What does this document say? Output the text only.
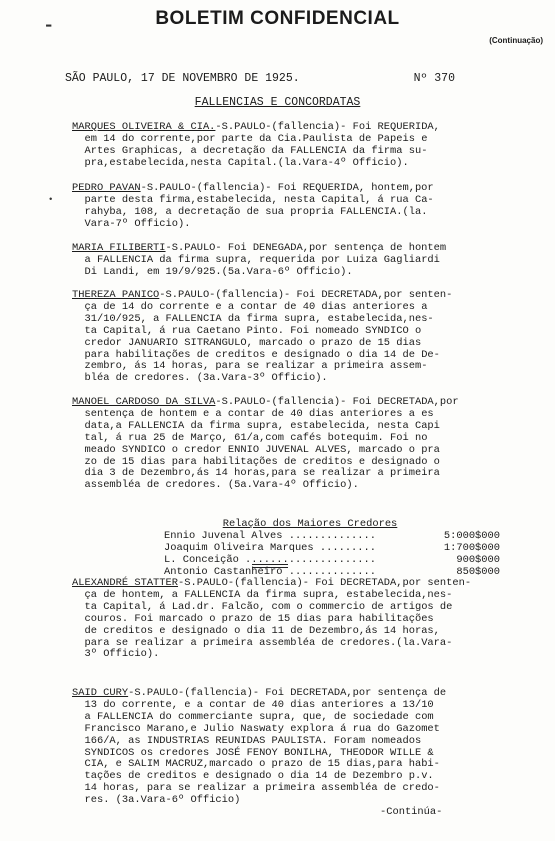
BOLETIM CONFIDENCIAL
(Continuação)
SÃO PAULO, 17 DE NOVEMBRO DE 1925.	Nº 370
FALLENCIAS E CONCORDATAS
▬
•

MARQUES OLIVEIRA & CIA.-S.PAULO-(fallencia)- Foi REQUERIDA,

em 14 do corrente,por parte da Cia.Paulista de Papeis e

Artes Graphicas, a decretação da FALLENCIA da firma su-

pra,estabelecida,nesta Capital.(la.Vara-4º Officio).

PEDRO PAVAN-S.PAULO-(fallencia)- Foi REQUERIDA, hontem,por

parte desta firma,estabelecida, nesta Capital, á rua Ca-

rahyba, 108, a decretação de sua propria FALLENCIA.(la.

Vara-7º Officio).

MARIA FILIBERTI-S.PAULO- Foi DENEGADA,por sentença de hontem

a FALLENCIA da firma supra, requerida por Luiza Gagliardi

Di Landi, em 19/9/925.(5a.Vara-6º Officio).

THEREZA PANICO-S.PAULO-(fallencia)- Foi DECRETADA,por senten-

ça de 14 do corrente e a contar de 40 dias anteriores a

31/10/925, a FALLENCIA da firma supra, estabelecida,nes-

ta Capital, á rua Caetano Pinto. Foi nomeado SYNDICO o

credor JANUARIO SITRANGULO, marcado o prazo de 15 dias

para habilitações de creditos e designado o dia 14 de De-

zembro, ás 14 horas, para se realizar a primeira assem-

bléa de credores. (3a.Vara-3º Officio).

MANOEL CARDOSO DA SILVA-S.PAULO-(fallencia)- Foi DECRETADA,por

sentença de hontem e a contar de 40 dias anteriores a es

data,a FALLENCIA da firma supra, estabelecida, nesta Capi

tal, á rua 25 de Março, 61/a,com cafés botequim. Foi no

meado SYNDICO o credor ENNIO JUVENAL ALVES, marcado o pra

zo de 15 dias para habilitações de creditos e designado o

dia 3 de Dezembro,ás 14 horas,para se realizar a primeira

assembléa de credores. (5a.Vara-4º Officio).

Relação dos Maiores Credores
Ennio Juvenal Alves ..............	5:000$000
Joaquim Oliveira Marques .........	1:700$000
L. Conceição .....................	900$000
Antonio Castanheiro ..............	850$000

ALEXANDRÉ STATTER-S.PAULO-(fallencia)- Foi DECRETADA,por senten-

ça de hontem, a FALLENCIA da firma supra, estabelecida,nes-

ta Capital, á Lad.dr. Falcão, com o commercio de artigos de

couros. Foi marcado o prazo de 15 dias para habilitações

de creditos e designado o dia 11 de Dezembro,ás 14 horas,

para se realizar a primeira assembléa de credores.(la.Vara-

3º Officio).

SAID CURY-S.PAULO-(fallencia)- Foi DECRETADA,por sentença de

13 do corrente, e a contar de 40 dias anteriores a 13/10

a FALLENCIA do commerciante supra, que, de sociedade com

Francisco Marano,e Julio Naswaty explora á rua do Gazomet

166/A, as INDUSTRIAS REUNIDAS PAULISTA. Foram nomeados

SYNDICOS os credores JOSÉ FENOY BONILHA, THEODOR WILLE &

CIA, e SALIM MACRUZ,marcado o prazo de 15 dias,para habi-

tações de creditos e designado o dia 14 de Dezembro p.v.

14 horas, para se realizar a primeira assembléa de credo-

res. (3a.Vara-6º Officio)

-Continúa-
